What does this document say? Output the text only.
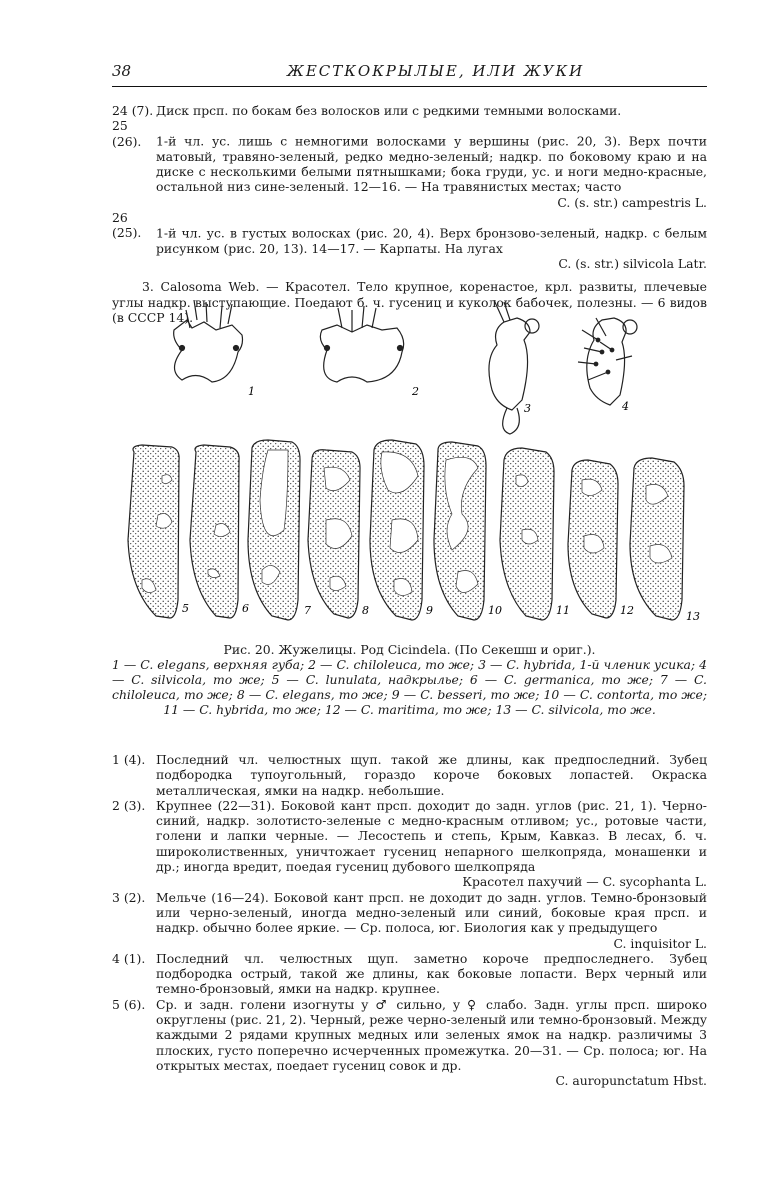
38	ЖЕСТКОКРЫЛЫЕ, ИЛИ ЖУКИ
24 (7). Диск прсп. по бокам без волосков или с редкими темными волосками.
25 (26). 1-й чл. ус. лишь с немногими волосками у вершины (рис. 20, 3). Верх почти матовый, травяно-зеленый, редко медно-зеленый; надкр. по боковому краю и на диске с несколькими белыми пятнышками; бока груди, ус. и ноги медно-красные, остальной низ сине-зеленый. 12—16. — На травянистых местах; часто
C. (s. str.) campestris L.
26 (25). 1-й чл. ус. в густых волосках (рис. 20, 4). Верх бронзово-зеленый, надкр. с белым рисунком (рис. 20, 13). 14—17. — Карпаты. На лугах
C. (s. str.) silvicola Latr.
3. Calosoma Web. — Красотел. Тело крупное, коренастое, крл. развиты, плечевые углы надкр. выступающие. Поедают б. ч. гусениц и куколок бабочек, полезны. — 6 видов (в СССР 14).
1	2
3	4
5	6	7	8	9	10	11	12	13
Рис. 20. Жужелицы. Род Cicindela. (По Секешш и ориг.).
1 — C. elegans, верхняя губа; 2 — C. chiloleuca, то же; 3 — C. hybrida, 1-й членик усика; 4 — C. silvicola, то же; 5 — C. lunulata, надкрылье; 6 — C. germanica, то же; 7 — C. chiloleuca, то же; 8 — C. elegans, то же; 9 — C. besseri, то же; 10 — C. contorta, то же; 11 — C. hybrida, то же; 12 — C. maritima, то же; 13 — C. silvicola, то же.
1 (4). Последний чл. челюстных щуп. такой же длины, как предпоследний. Зубец подбородка тупоугольный, гораздо короче боковых лопастей. Окраска металлическая, ямки на надкр. небольшие.
2 (3). Крупнее (22—31). Боковой кант прсп. доходит до задн. углов (рис. 21, 1). Черно-синий, надкр. золотисто-зеленые с медно-красным отливом; ус., ротовые части, голени и лапки черные. — Лесостепь и степь, Крым, Кавказ. В лесах, б. ч. широколиственных, уничтожает гусениц непарного шелкопряда, монашенки и др.; иногда вредит, поедая гусениц дубового шелкопряда
Красотел пахучий — C. sycophanta L.
3 (2). Мельче (16—24). Боковой кант прсп. не доходит до задн. углов. Темно-бронзовый или черно-зеленый, иногда медно-зеленый или синий, боковые края прсп. и надкр. обычно более яркие. — Ср. полоса, юг. Биология как у предыдущего
C. inquisitor L.
4 (1). Последний чл. челюстных щуп. заметно короче предпоследнего. Зубец подбородка острый, такой же длины, как боковые лопасти. Верх черный или темно-бронзовый, ямки на надкр. крупнее.
5 (6). Ср. и задн. голени изогнуты у ♂ сильно, у ♀ слабо. Задн. углы прсп. широко округлены (рис. 21, 2). Черный, реже черно-зеленый или темно-бронзовый. Между каждыми 2 рядами крупных медных или зеленых ямок на надкр. различимы 3 плоских, густо поперечно исчерченных промежутка. 20—31. — Ср. полоса; юг. На открытых местах, поедает гусениц совок и др.
C. auropunctatum Hbst.
